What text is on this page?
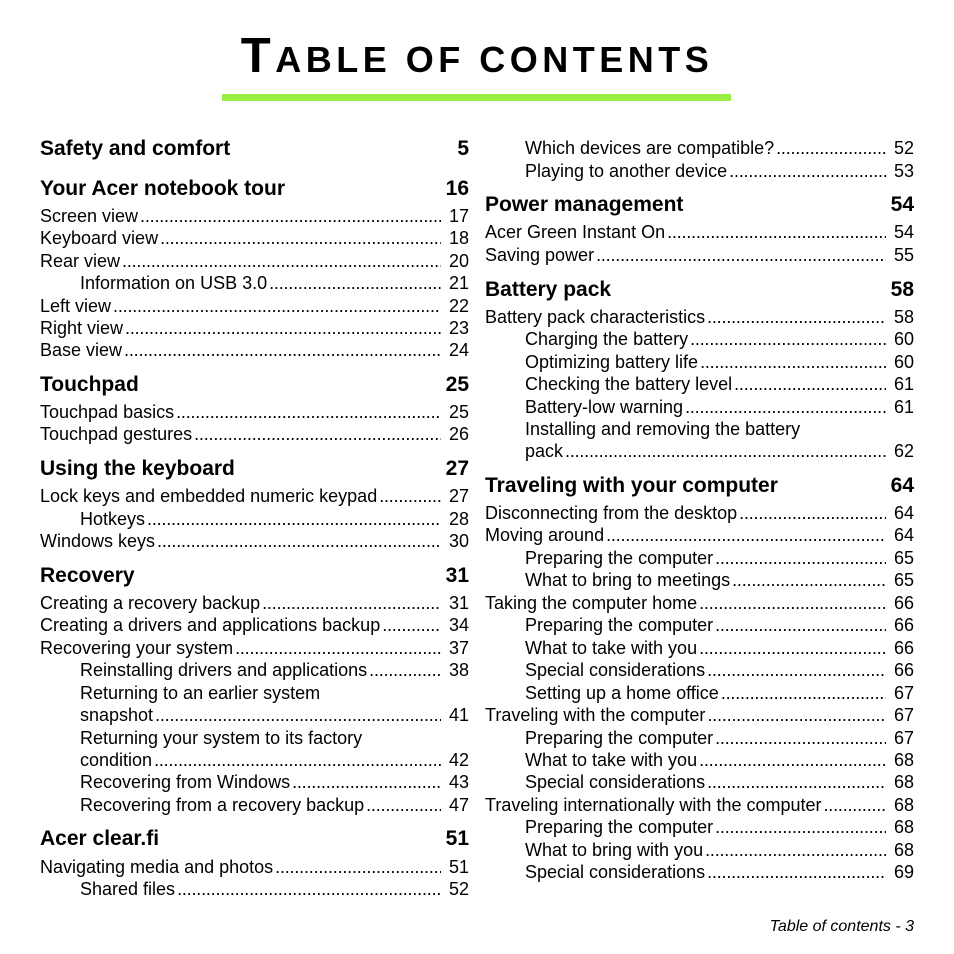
TABLE OF CONTENTS
Safety and comfort	5
Your Acer notebook tour	16
Screen view . . .	17
Keyboard view . . .	18
Rear view . . .	20
Information on USB 3.0 . . .	21
Left view . . .	22
Right view . . .	23
Base view . . .	24
Touchpad	25
Touchpad basics . . .	25
Touchpad gestures . . .	26
Using the keyboard	27
Lock keys and embedded numeric keypad . . .	27
Hotkeys . . .	28
Windows keys . . .	30
Recovery	31
Creating a recovery backup . . .	31
Creating a drivers and applications backup . . .	34
Recovering your system . . .	37
Reinstalling drivers and applications . . .	38
Returning to an earlier system
snapshot . . .	41
Returning your system to its factory
condition . . .	42
Recovering from Windows . . .	43
Recovering from a recovery backup . . .	47
Acer clear.fi	51
Navigating media and photos . . .	51
Shared files . . .	52
Which devices are compatible? . . .	52
Playing to another device . . .	53
Power management	54
Acer Green Instant On . . .	54
Saving power . . .	55
Battery pack	58
Battery pack characteristics . . .	58
Charging the battery . . .	60
Optimizing battery life . . .	60
Checking the battery level . . .	61
Battery-low warning . . .	61
Installing and removing the battery
pack . . .	62
Traveling with your computer	64
Disconnecting from the desktop . . .	64
Moving around . . .	64
Preparing the computer . . .	65
What to bring to meetings . . .	65
Taking the computer home . . .	66
Preparing the computer . . .	66
What to take with you . . .	66
Special considerations . . .	66
Setting up a home office . . .	67
Traveling with the computer . . .	67
Preparing the computer . . .	67
What to take with you . . .	68
Special considerations . . .	68
Traveling internationally with the computer . . .	68
Preparing the computer . . .	68
What to bring with you . . .	68
Special considerations . . .	69
Table of contents - 3
